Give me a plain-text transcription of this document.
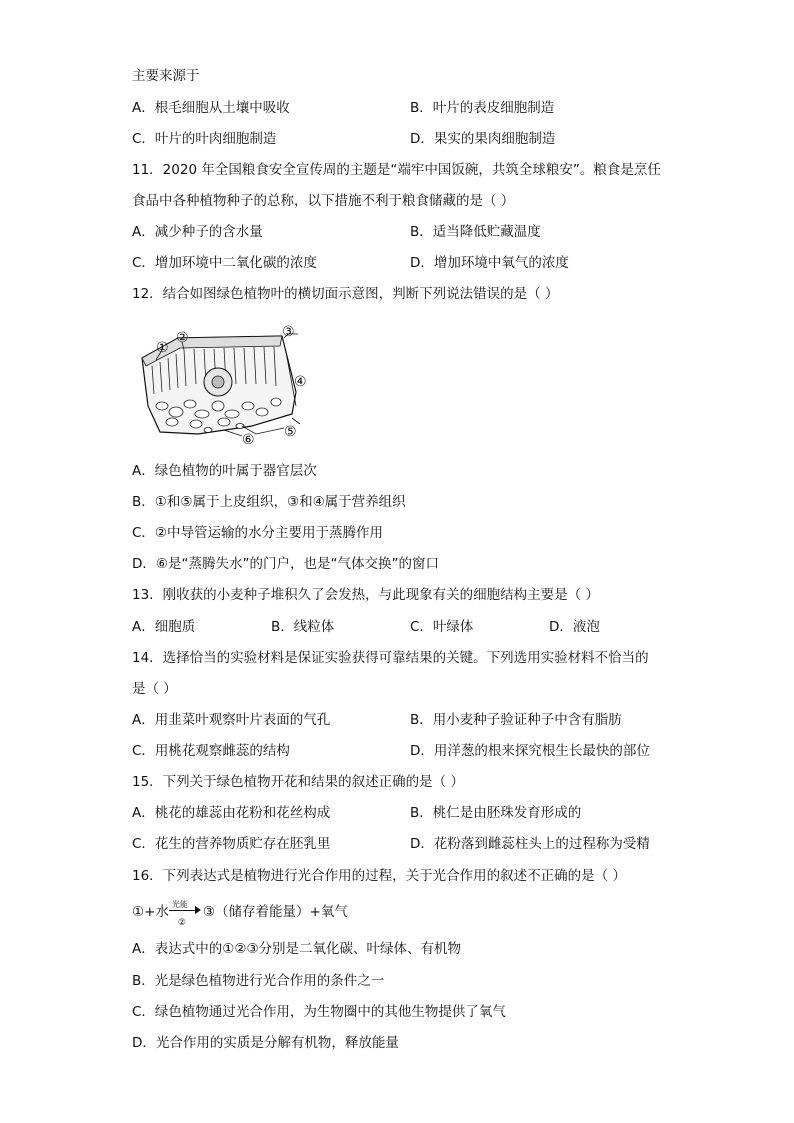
主要来源于
A．根毛细胞从土壤中吸收	B．叶片的表皮细胞制造
C．叶片的叶肉细胞制造	D．果实的果肉细胞制造
11．2020 年全国粮食安全宣传周的主题是“端牢中国饭碗，共筑全球粮安”。粮食是烹任
食品中各种植物种子的总称，以下措施不利于粮食储藏的是（ ）
A．减少种子的含水量	B．适当降低贮藏温度
C．增加环境中二氧化碳的浓度	D．增加环境中氧气的浓度
12．结合如图绿色植物叶的横切面示意图，判断下列说法错误的是（ ）
①
②	③
④
⑤
⑥
A．绿色植物的叶属于器官层次
B．①和⑤属于上皮组织，③和④属于营养组织
C．②中导管运输的水分主要用于蒸腾作用
D．⑥是“蒸腾失水”的门户，也是“气体交换”的窗口
13．刚收获的小麦种子堆积久了会发热，与此现象有关的细胞结构主要是（ ）
A．细胞质	B．线粒体	C．叶绿体	D．液泡
14．选择恰当的实验材料是保证实验获得可靠结果的关键。下列选用实验材料不恰当的
是（ ）
A．用韭菜叶观察叶片表面的气孔	B．用小麦种子验证种子中含有脂肪
C．用桃花观察雌蕊的结构	D．用洋葱的根来探究根生长最快的部位
15．下列关于绿色植物开花和结果的叙述正确的是（ ）
A．桃花的雄蕊由花粉和花丝构成	B．桃仁是由胚珠发育形成的
C．花生的营养物质贮存在胚乳里	D．花粉落到雌蕊柱头上的过程称为受精
16．下列表达式是植物进行光合作用的过程，关于光合作用的叙述不正确的是（ ）
①+水 光能
②
③（储存着能量）+氧气
A．表达式中的①②③分别是二氧化碳、叶绿体、有机物
B．光是绿色植物进行光合作用的条件之一
C．绿色植物通过光合作用，为生物圈中的其他生物提供了氧气
D．光合作用的实质是分解有机物，释放能量
